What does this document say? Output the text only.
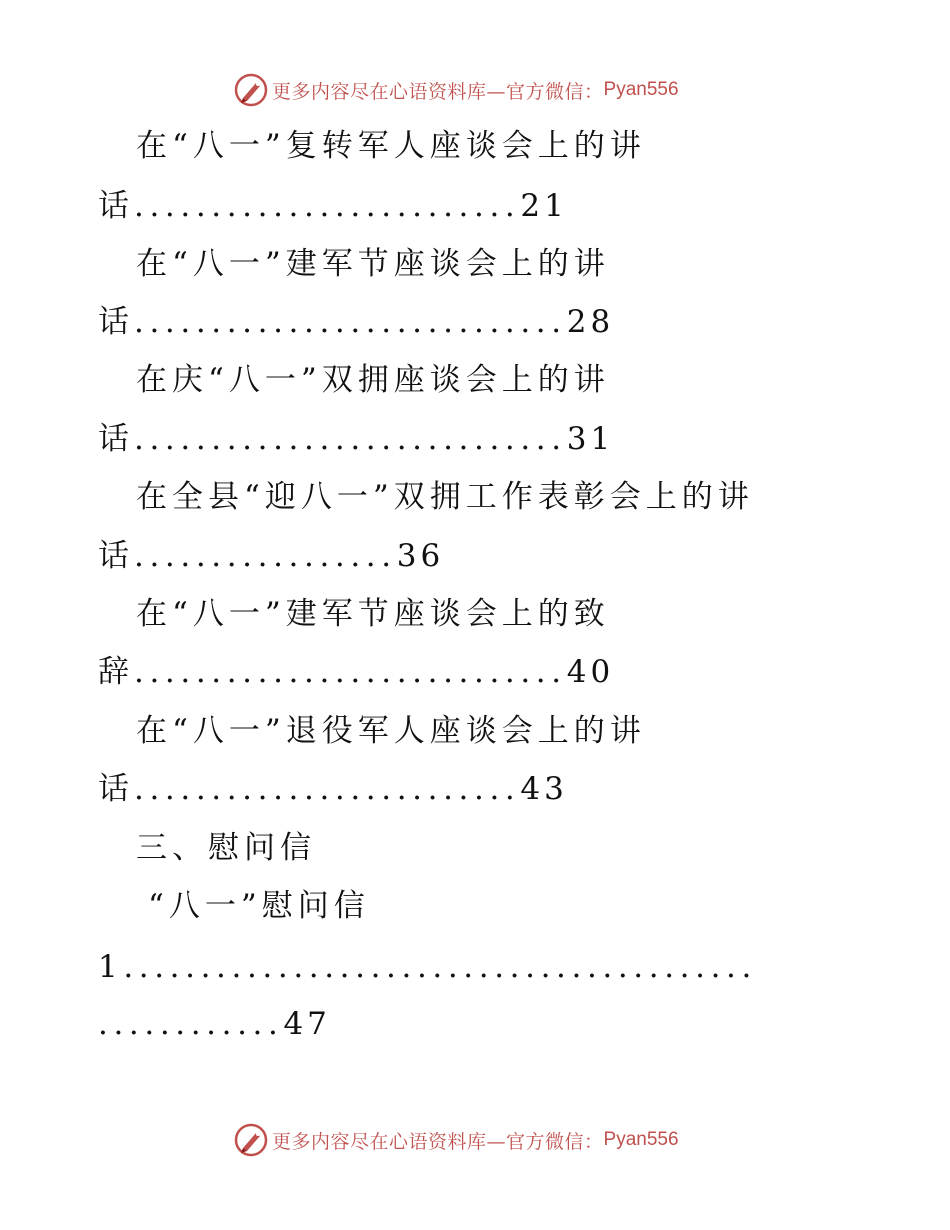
更多内容尽在心语资料库—官方微信： Pyan556
在“八一”复转军人座谈会上的讲
话.........................21
在“八一”建军节座谈会上的讲
话............................28
在庆“八一”双拥座谈会上的讲
话............................31
在全县“迎八一”双拥工作表彰会上的讲
话.................36
在“八一”建军节座谈会上的致
辞............................40
在“八一”退役军人座谈会上的讲
话.........................43
三、慰问信
“八一”慰问信
1.........................................
............47
更多内容尽在心语资料库—官方微信： Pyan556
